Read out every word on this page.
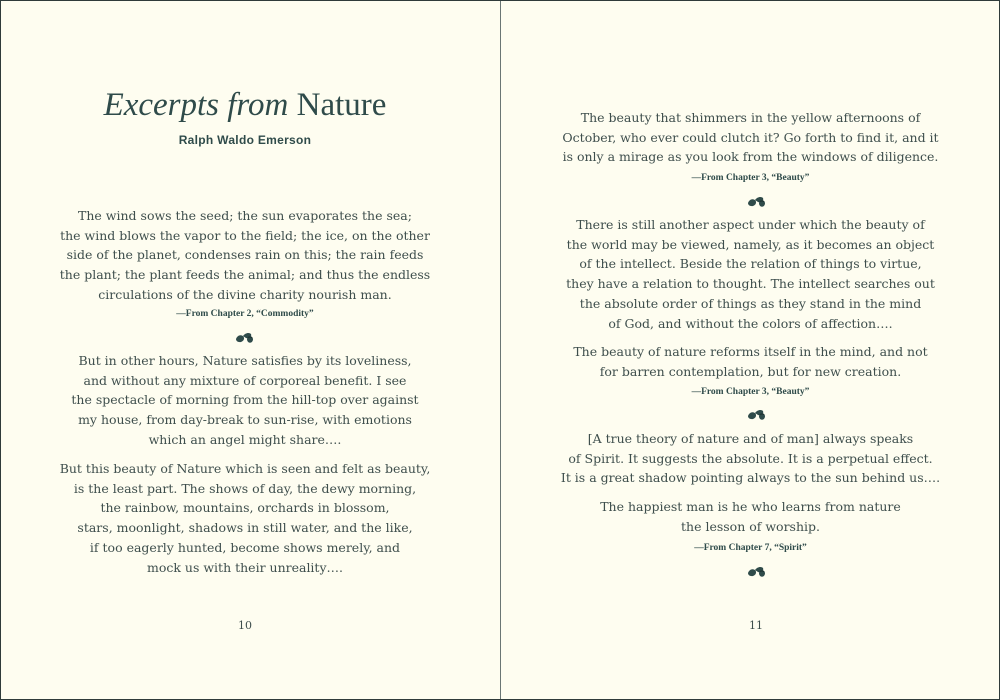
Excerpts from Nature
Ralph Waldo Emerson
The wind sows the seed; the sun evaporates the sea;
the wind blows the vapor to the field; the ice, on the other
side of the planet, condenses rain on this; the rain feeds
the plant; the plant feeds the animal; and thus the endless
circulations of the divine charity nourish man.
—From Chapter 2, “Commodity”
But in other hours, Nature satisfies by its loveliness,
and without any mixture of corporeal benefit. I see
the spectacle of morning from the hill-top over against
my house, from day-break to sun-rise, with emotions
which an angel might share….
But this beauty of Nature which is seen and felt as beauty,
is the least part. The shows of day, the dewy morning,
the rainbow, mountains, orchards in blossom,
stars, moonlight, shadows in still water, and the like,
if too eagerly hunted, become shows merely, and
mock us with their unreality….
10
The beauty that shimmers in the yellow afternoons of
October, who ever could clutch it? Go forth to find it, and it
is only a mirage as you look from the windows of diligence.
—From Chapter 3, “Beauty”
There is still another aspect under which the beauty of
the world may be viewed, namely, as it becomes an object
of the intellect. Beside the relation of things to virtue,
they have a relation to thought. The intellect searches out
the absolute order of things as they stand in the mind
of God, and without the colors of affection….
The beauty of nature reforms itself in the mind, and not
for barren contemplation, but for new creation.
—From Chapter 3, “Beauty”
[A true theory of nature and of man] always speaks
of Spirit. It suggests the absolute. It is a perpetual effect.
It is a great shadow pointing always to the sun behind us….
The happiest man is he who learns from nature
the lesson of worship.
—From Chapter 7, “Spirit”
11
